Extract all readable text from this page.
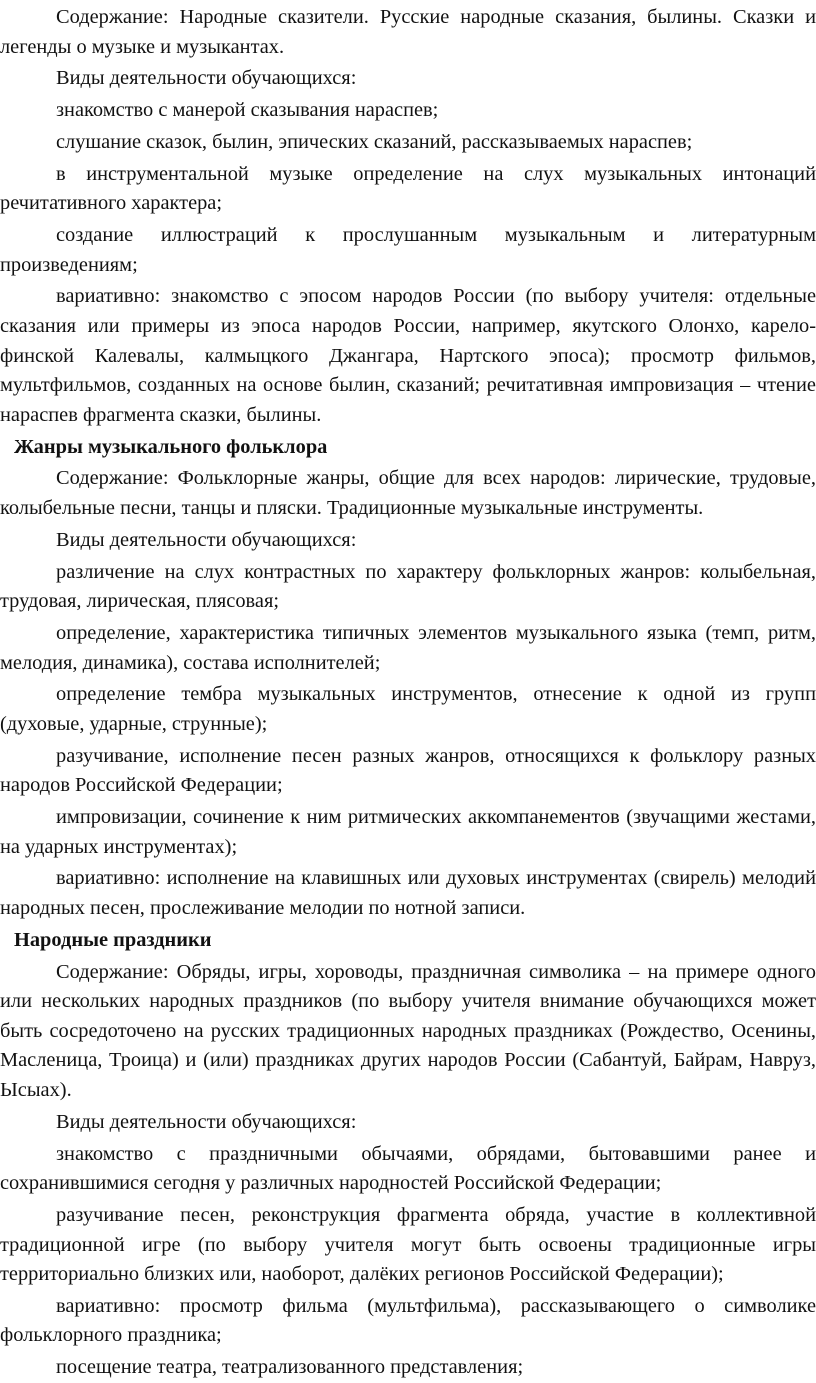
Содержание: Народные сказители. Русские народные сказания, былины. Сказки и легенды о музыке и музыкантах.

Виды деятельности обучающихся:

знакомство с манерой сказывания нараспев;

слушание сказок, былин, эпических сказаний, рассказываемых нараспев;

в инструментальной музыке определение на слух музыкальных интонаций речитативного характера;

создание иллюстраций к прослушанным музыкальным и литературным произведениям;

вариативно: знакомство с эпосом народов России (по выбору учителя: отдельные сказания или примеры из эпоса народов России, например, якутского Олонхо, карело-финской Калевалы, калмыцкого Джангара, Нартского эпоса); просмотр фильмов, мультфильмов, созданных на основе былин, сказаний; речитативная импровизация – чтение нараспев фрагмента сказки, былины.

Жанры музыкального фольклора

Содержание: Фольклорные жанры, общие для всех народов: лирические, трудовые, колыбельные песни, танцы и пляски. Традиционные музыкальные инструменты.

Виды деятельности обучающихся:

различение на слух контрастных по характеру фольклорных жанров: колыбельная, трудовая, лирическая, плясовая;

определение, характеристика типичных элементов музыкального языка (темп, ритм, мелодия, динамика), состава исполнителей;

определение тембра музыкальных инструментов, отнесение к одной из групп (духовые, ударные, струнные);

разучивание, исполнение песен разных жанров, относящихся к фольклору разных народов Российской Федерации;

импровизации, сочинение к ним ритмических аккомпанементов (звучащими жестами, на ударных инструментах);

вариативно: исполнение на клавишных или духовых инструментах (свирель) мелодий народных песен, прослеживание мелодии по нотной записи.

Народные праздники

Содержание: Обряды, игры, хороводы, праздничная символика – на примере одного или нескольких народных праздников (по выбору учителя внимание обучающихся может быть сосредоточено на русских традиционных народных праздниках (Рождество, Осенины, Масленица, Троица) и (или) праздниках других народов России (Сабантуй, Байрам, Навруз, Ысыах).

Виды деятельности обучающихся:

знакомство с праздничными обычаями, обрядами, бытовавшими ранее и сохранившимися сегодня у различных народностей Российской Федерации;

разучивание песен, реконструкция фрагмента обряда, участие в коллективной традиционной игре (по выбору учителя могут быть освоены традиционные игры территориально близких или, наоборот, далёких регионов Российской Федерации);

вариативно: просмотр фильма (мультфильма), рассказывающего о символике фольклорного праздника;

посещение театра, театрализованного представления;
